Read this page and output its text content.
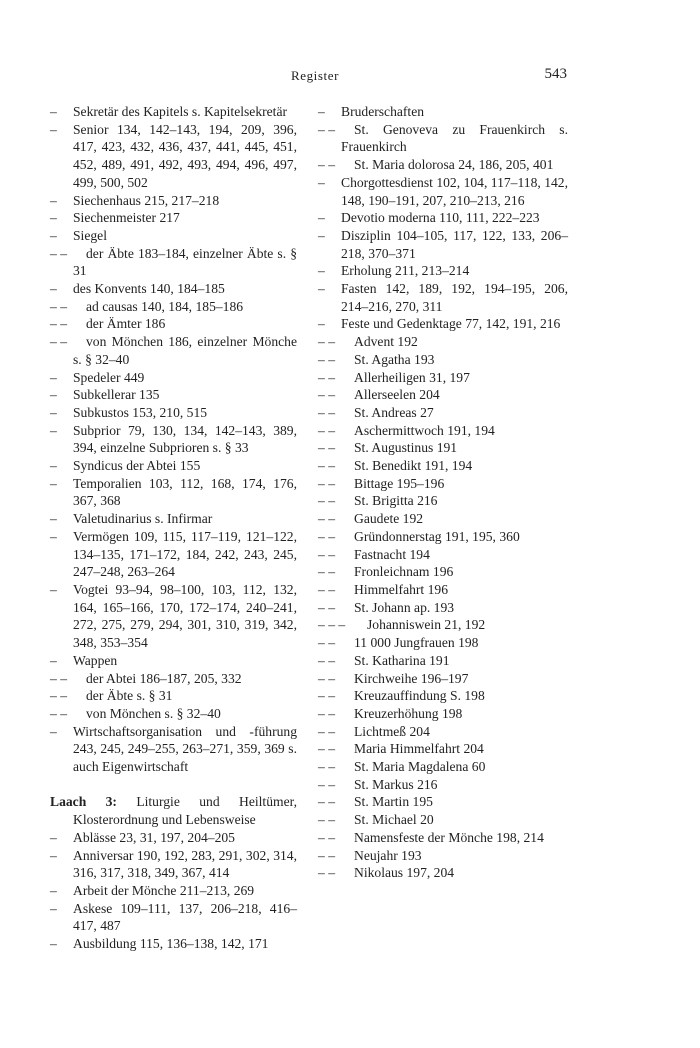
Register	543
–	Sekretär des Kapitels s. Kapitelsekretär
–	Senior 134, 142–143, 194, 209, 396, 417, 423, 432, 436, 437, 441, 445, 451, 452, 489, 491, 492, 493, 494, 496, 497, 499, 500, 502
–	Siechenhaus 215, 217–218
–	Siechenmeister 217
–	Siegel
– –	der Äbte 183–184, einzelner Äbte s. § 31
–	des Konvents 140, 184–185
– –	ad causas 140, 184, 185–186
– –	der Ämter 186
– –	von Mönchen 186, einzelner Mönche s. § 32–40
–	Spedeler 449
–	Subkellerar 135
–	Subkustos 153, 210, 515
–	Subprior 79, 130, 134, 142–143, 389, 394, einzelne Subprioren s. § 33
–	Syndicus der Abtei 155
–	Temporalien 103, 112, 168, 174, 176, 367, 368
–	Valetudinarius s. Infirmar
–	Vermögen 109, 115, 117–119, 121–122, 134–135, 171–172, 184, 242, 243, 245, 247–248, 263–264
–	Vogtei 93–94, 98–100, 103, 112, 132, 164, 165–166, 170, 172–174, 240–241, 272, 275, 279, 294, 301, 310, 319, 342, 348, 353–354
–	Wappen
– –	der Abtei 186–187, 205, 332
– –	der Äbte s. § 31
– –	von Mönchen s. § 32–40
–	Wirtschaftsorganisation und -führung 243, 245, 249–255, 263–271, 359, 369 s. auch Eigenwirtschaft
Laach 3: Liturgie und Heiltümer, Klosterordnung und Lebensweise
–	Ablässe 23, 31, 197, 204–205
–	Anniversar 190, 192, 283, 291, 302, 314, 316, 317, 318, 349, 367, 414
–	Arbeit der Mönche 211–213, 269
–	Askese 109–111, 137, 206–218, 416–417, 487
–	Ausbildung 115, 136–138, 142, 171
–	Bruderschaften
– –	St. Genoveva zu Frauenkirch s. Frauenkirch
– –	St. Maria dolorosa 24, 186, 205, 401
–	Chorgottesdienst 102, 104, 117–118, 142, 148, 190–191, 207, 210–213, 216
–	Devotio moderna 110, 111, 222–223
–	Disziplin 104–105, 117, 122, 133, 206–218, 370–371
–	Erholung 211, 213–214
–	Fasten 142, 189, 192, 194–195, 206, 214–216, 270, 311
–	Feste und Gedenktage 77, 142, 191, 216
– –	Advent 192
– –	St. Agatha 193
– –	Allerheiligen 31, 197
– –	Allerseelen 204
– –	St. Andreas 27
– –	Aschermittwoch 191, 194
– –	St. Augustinus 191
– –	St. Benedikt 191, 194
– –	Bittage 195–196
– –	St. Brigitta 216
– –	Gaudete 192
– –	Gründonnerstag 191, 195, 360
– –	Fastnacht 194
– –	Fronleichnam 196
– –	Himmelfahrt 196
– –	St. Johann ap. 193
– – –	Johanniswein 21, 192
– –	11 000 Jungfrauen 198
– –	St. Katharina 191
– –	Kirchweihe 196–197
– –	Kreuzauffindung S. 198
– –	Kreuzerhöhung 198
– –	Lichtmeß 204
– –	Maria Himmelfahrt 204
– –	St. Maria Magdalena 60
– –	St. Markus 216
– –	St. Martin 195
– –	St. Michael 20
– –	Namensfeste der Mönche 198, 214
– –	Neujahr 193
– –	Nikolaus 197, 204
